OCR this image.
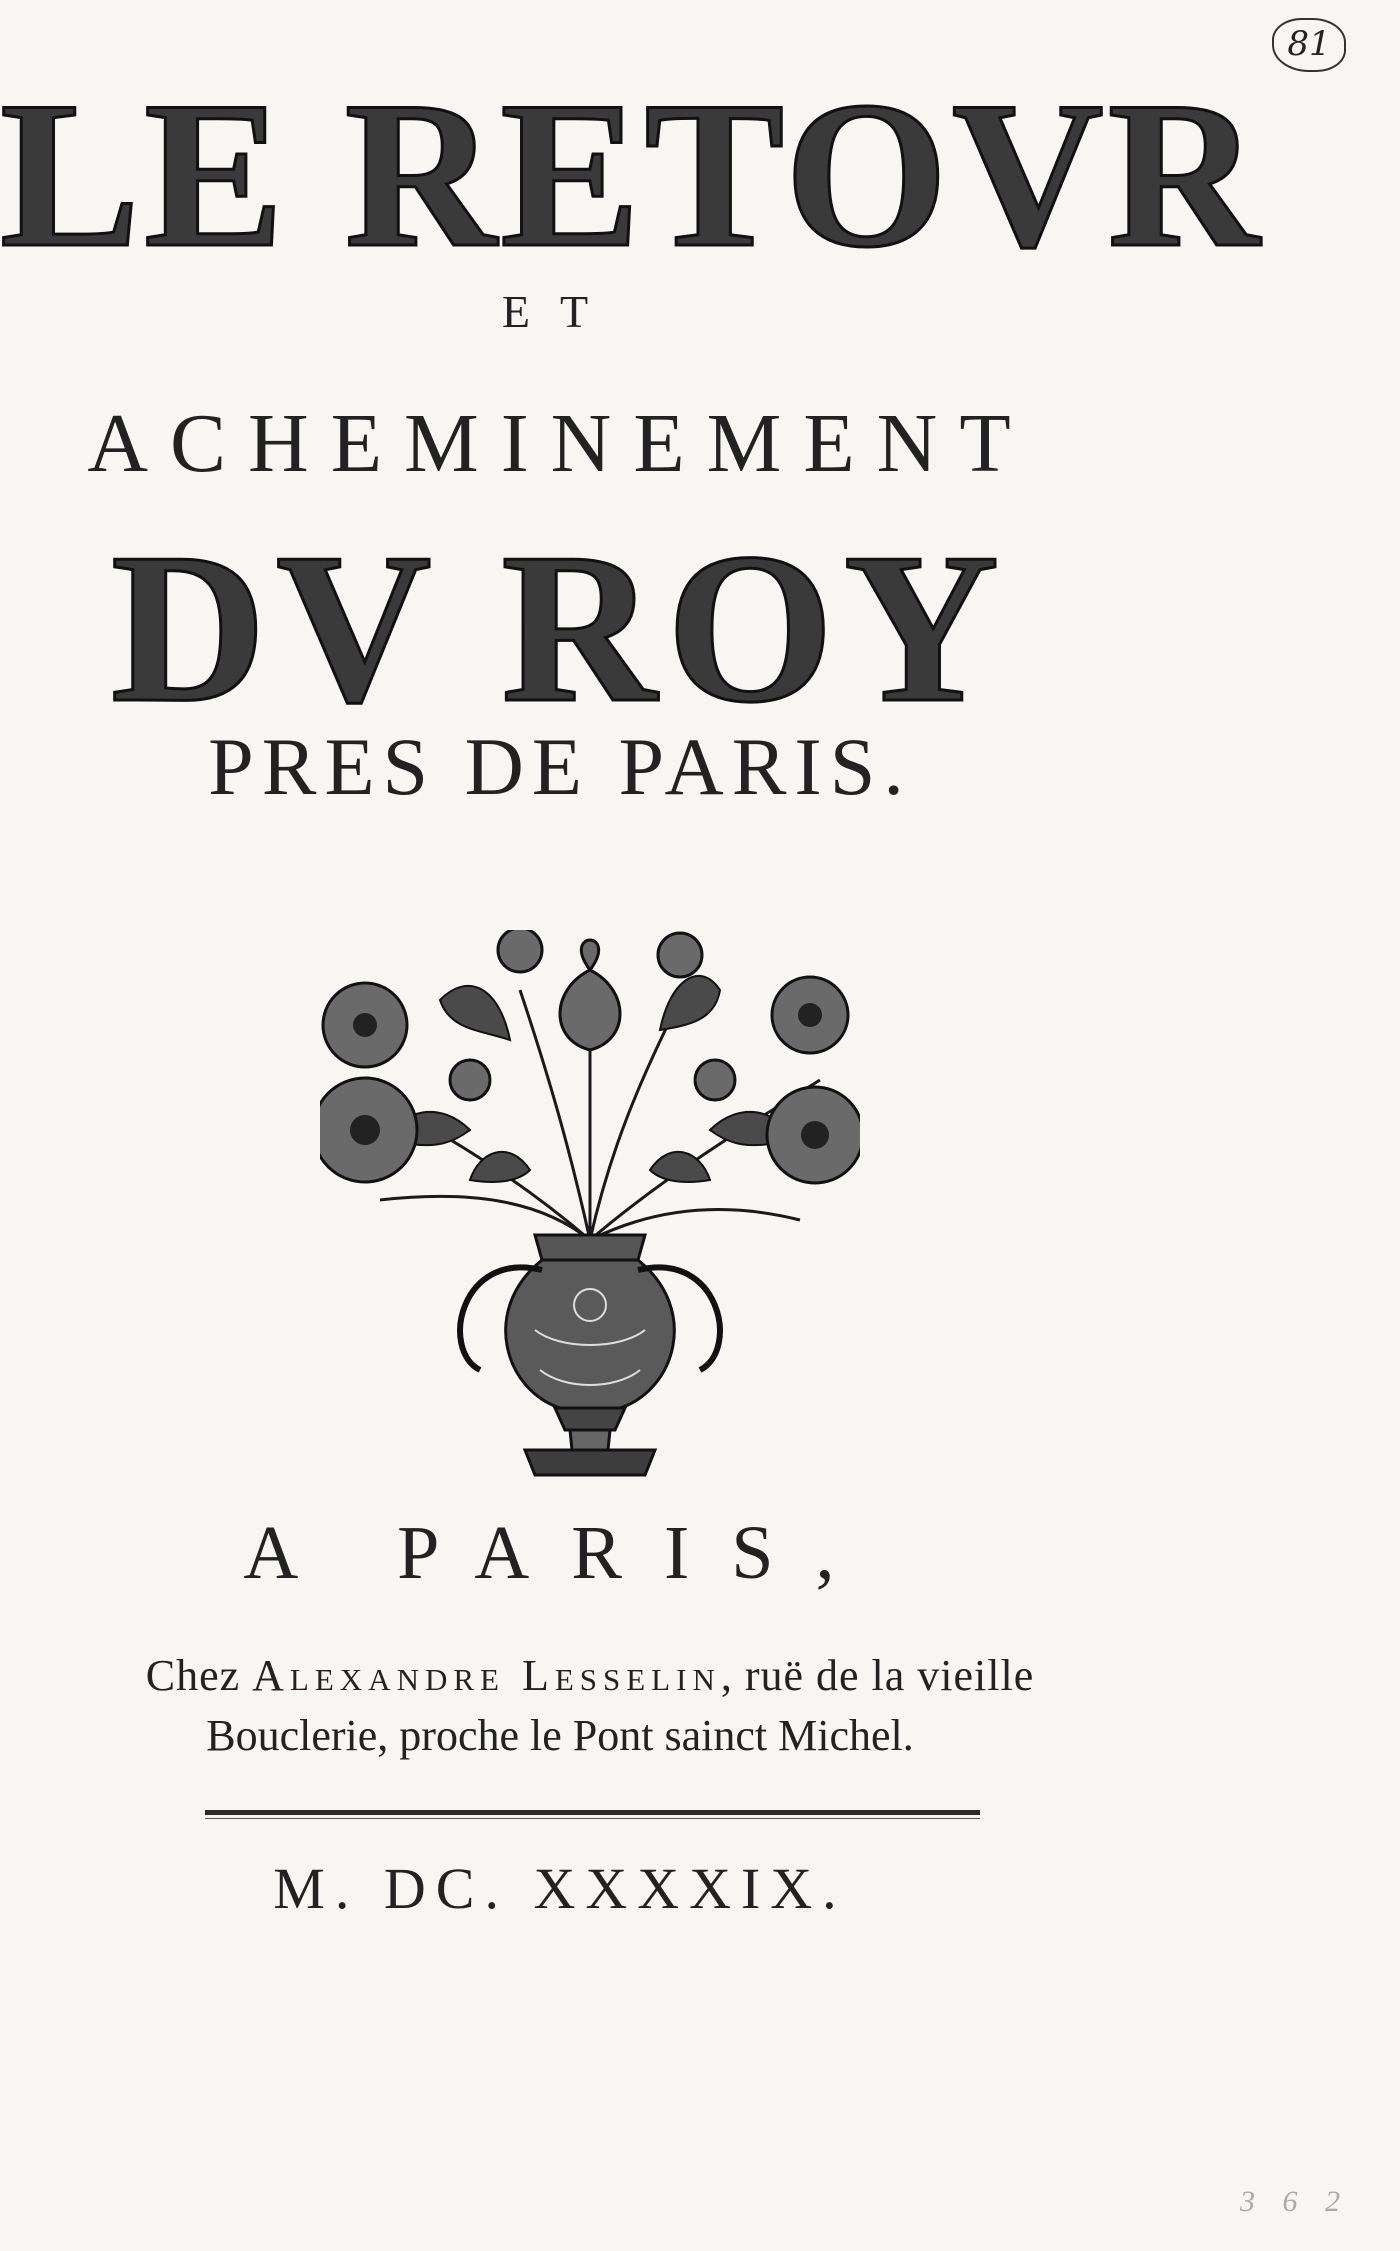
81
LE RETOVR
ET
ACHEMINEMENT
DV ROY
PRES DE PARIS.
A PARIS,
Chez Alexandre Lesselin, ruë de la vieille
Bouclerie, proche le Pont sainct Michel.
M. DC. XXXXIX.
3 6 2
